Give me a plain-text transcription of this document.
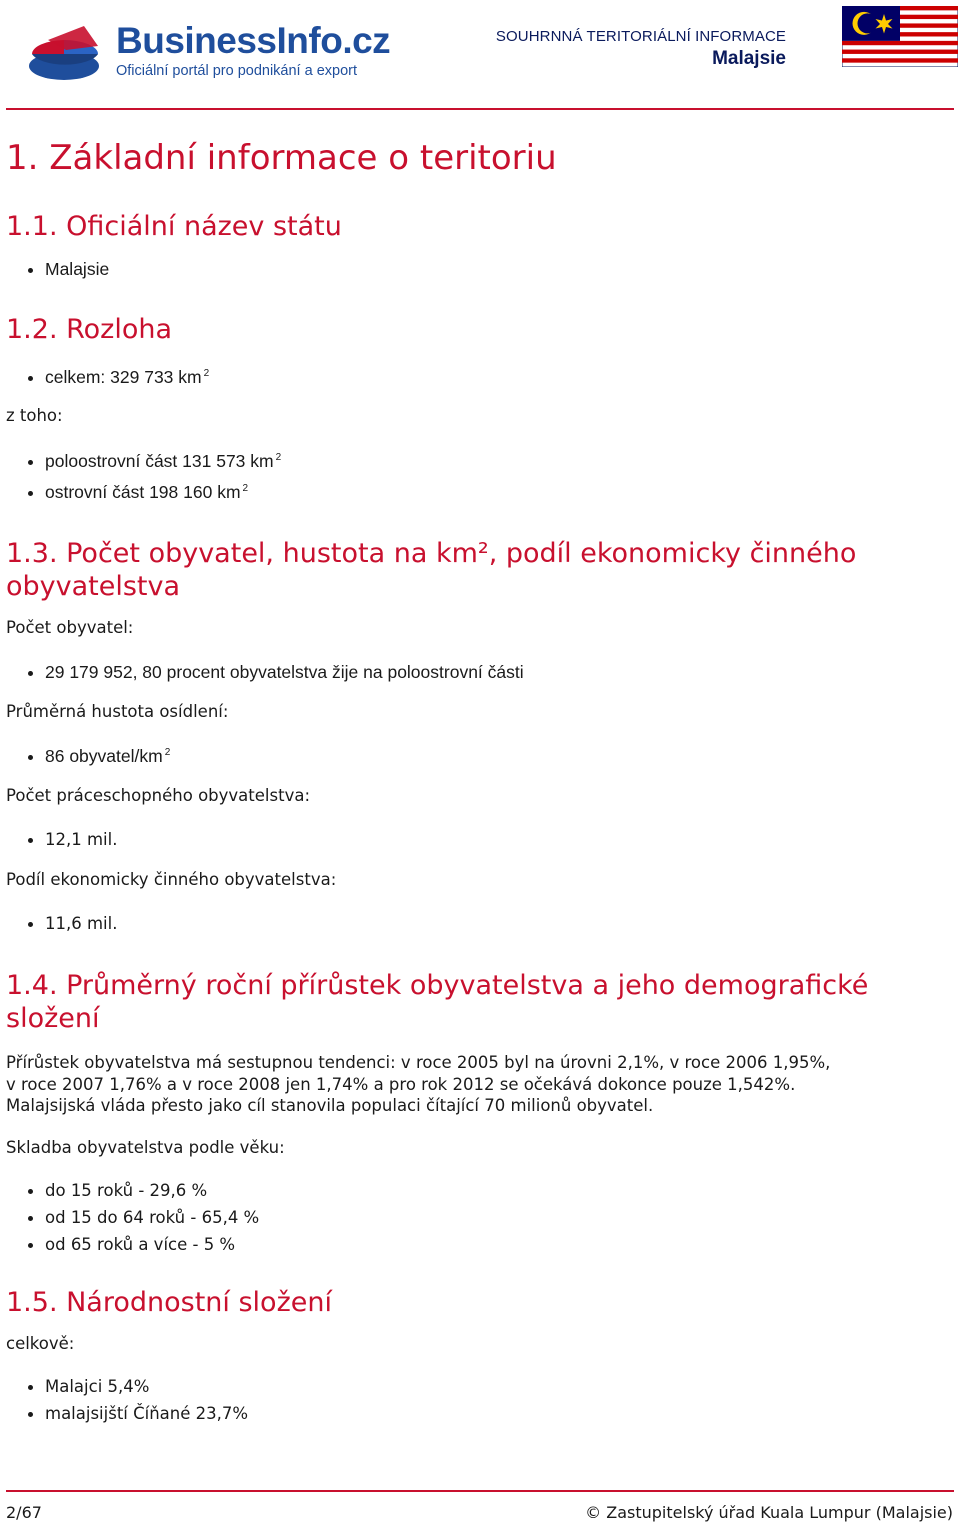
BusinessInfo.cz
Oficiální portál pro podnikání a export
SOUHRNNÁ TERITORIÁLNÍ INFORMACE
Malajsie
1. Základní informace o teritoriu
1.1. Oficiální název státu
Malajsie
1.2. Rozloha
celkem: 329 733 km $^2$

z toho:

poloostrovní část 131 573 km $^2$
ostrovní část 198 160 km $^2$
1.3. Počet obyvatel, hustota na km², podíl ekonomicky činného obyvatelstva

Počet obyvatel:

29 179 952, 80 procent obyvatelstva žije na poloostrovní části

Průměrná hustota osídlení:

86 obyvatel/km $^2$

Počet práceschopného obyvatelstva:

12,1 mil.

Podíl ekonomicky činného obyvatelstva:

11,6 mil.
1.4. Průměrný roční přírůstek obyvatelstva a jeho demografické složení

Přírůstek obyvatelstva má sestupnou tendenci: v roce 2005 byl na úrovni 2,1%, v roce 2006 1,95%,
v roce 2007 1,76% a v roce 2008 jen 1,74% a pro rok 2012 se očekává dokonce pouze 1,542%.
Malajsijská vláda přesto jako cíl stanovila populaci čítající 70 milionů obyvatel.

Skladba obyvatelstva podle věku:

do 15 roků - 29,6 %
od 15 do 64 roků - 65,4 %
od 65 roků a více - 5 %
1.5. Národnostní složení

celkově:

Malajci 5,4%
malajsijští Číňané 23,7%
2/67	© Zastupitelský úřad Kuala Lumpur (Malajsie)
